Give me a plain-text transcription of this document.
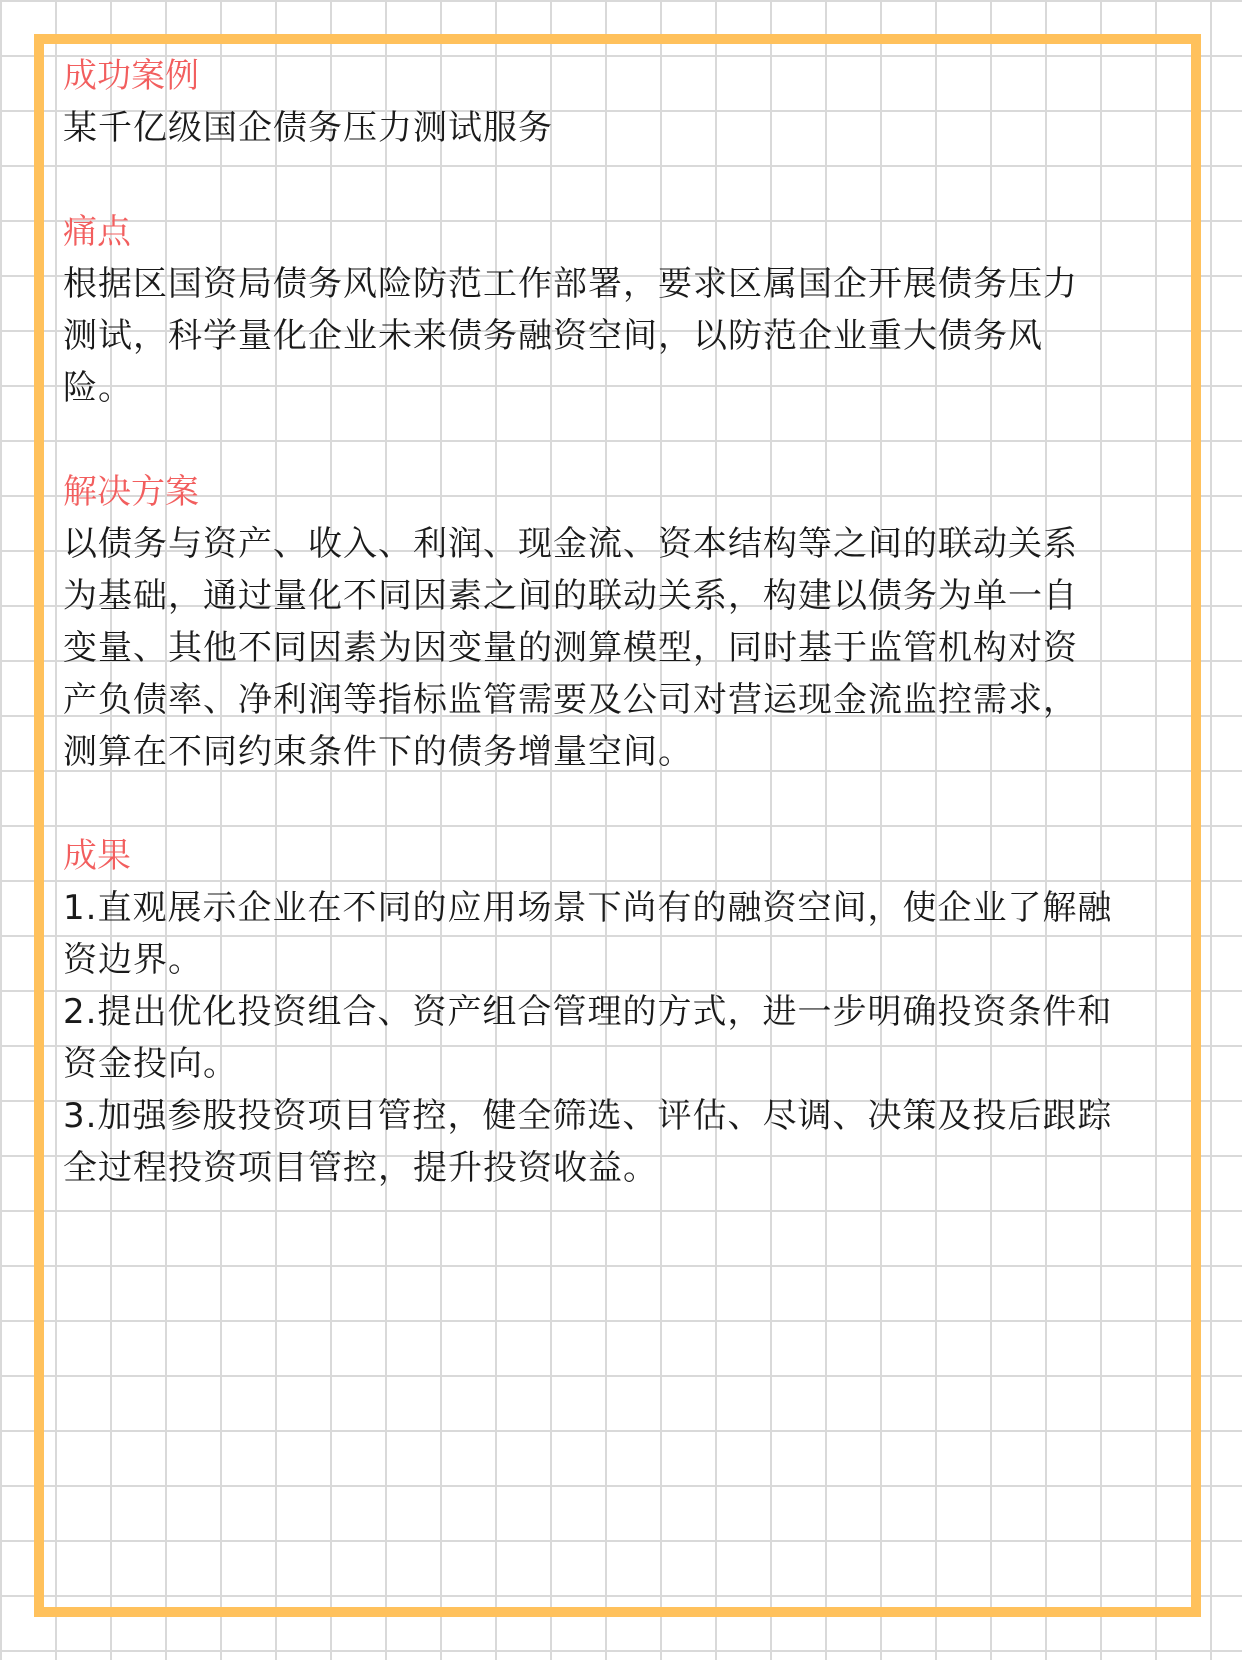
成功案例

某千亿级国企债务压力测试服务

痛点

根据区国资局债务风险防范工作部署，要求区属国企开展债务压力
测试，科学量化企业未来债务融资空间，以防范企业重大债务风
险。

解决方案

以债务与资产、收入、利润、现金流、资本结构等之间的联动关系
为基础，通过量化不同因素之间的联动关系，构建以债务为单一自
变量、其他不同因素为因变量的测算模型，同时基于监管机构对资
产负债率、净利润等指标监管需要及公司对营运现金流监控需求，
测算在不同约束条件下的债务增量空间。

成果

1.直观展示企业在不同的应用场景下尚有的融资空间，使企业了解融
资边界。
2.提出优化投资组合、资产组合管理的方式，进一步明确投资条件和
资金投向。
3.加强参股投资项目管控，健全筛选、评估、尽调、决策及投后跟踪
全过程投资项目管控，提升投资收益。
